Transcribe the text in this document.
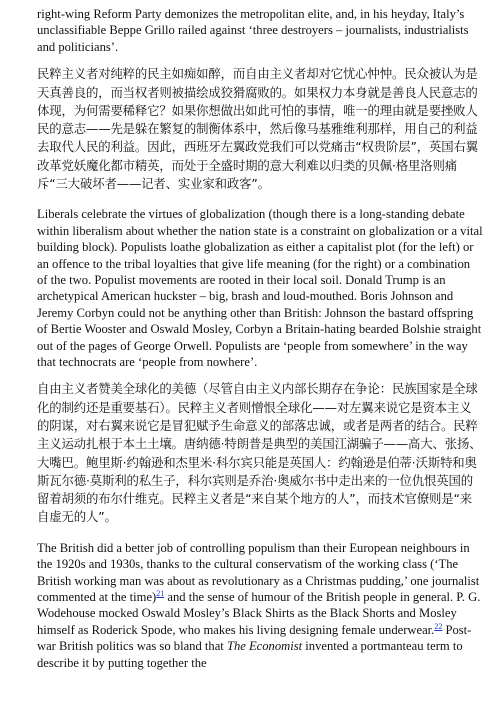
right-wing Reform Party demonizes the metropolitan elite, and, in his heyday, Italy’s unclassifiable Beppe Grillo railed against ‘three destroyers – journalists, industrialists and politicians’.

民粹主义者对纯粹的民主如痴如醉，而自由主义者却对它忧心忡忡。民众被认为是天真善良的，而当权者则被描绘成狡猾腐败的。如果权力本身就是善良人民意志的体现，为何需要稀释它？如果你想做出如此可怕的事情，唯一的理由就是要挫败人民的意志——先是躲在繁复的制衡体系中，然后像马基雅维利那样，用自己的利益去取代人民的利益。因此，西班牙左翼政党我们可以党痛击“权贵阶层”，英国右翼改革党妖魔化都市精英，而处于全盛时期的意大利难以归类的贝佩·格里洛则痛斥“三大破坏者——记者、实业家和政客”。

Liberals celebrate the virtues of globalization (though there is a long-standing debate within liberalism about whether the nation state is a constraint on globalization or a vital building block). Populists loathe globalization as either a capitalist plot (for the left) or an offence to the tribal loyalties that give life meaning (for the right) or a combination of the two. Populist movements are rooted in their local soil. Donald Trump is an archetypical American huckster – big, brash and loud-mouthed. Boris Johnson and Jeremy Corbyn could not be anything other than British: Johnson the bastard offspring of Bertie Wooster and Oswald Mosley, Corbyn a Britain-hating bearded Bolshie straight out of the pages of George Orwell. Populists are ‘people from somewhere’ in the way that technocrats are ‘people from nowhere’.

自由主义者赞美全球化的美德（尽管自由主义内部长期存在争论：民族国家是全球化的制约还是重要基石）。民粹主义者则憎恨全球化——对左翼来说它是资本主义的阴谋，对右翼来说它是冒犯赋予生命意义的部落忠诚，或者是两者的结合。民粹主义运动扎根于本土土壤。唐纳德·特朗普是典型的美国江湖骗子——高大、张扬、大嘴巴。鲍里斯·约翰逊和杰里米·科尔宾只能是英国人：约翰逊是伯蒂·沃斯特和奥斯瓦尔德·莫斯利的私生子，科尔宾则是乔治·奥威尔书中走出来的一位仇恨英国的留着胡须的布尔什维克。民粹主义者是“来自某个地方的人”，而技术官僚则是“来自虚无的人”。

The British did a better job of controlling populism than their European neighbours in the 1920s and 1930s, thanks to the cultural conservatism of the working class (‘The British working man was about as revolutionary as a Christmas pudding,’ one journalist commented at the time)$^{21}$ and the sense of humour of the British people in general. P. G. Wodehouse mocked Oswald Mosley’s Black Shirts as the Black Shorts and Mosley himself as Roderick Spode, who makes his living designing female underwear.$^{22}$ Post-war British politics was so bland that The Economist invented a portmanteau term to describe it by putting together the
